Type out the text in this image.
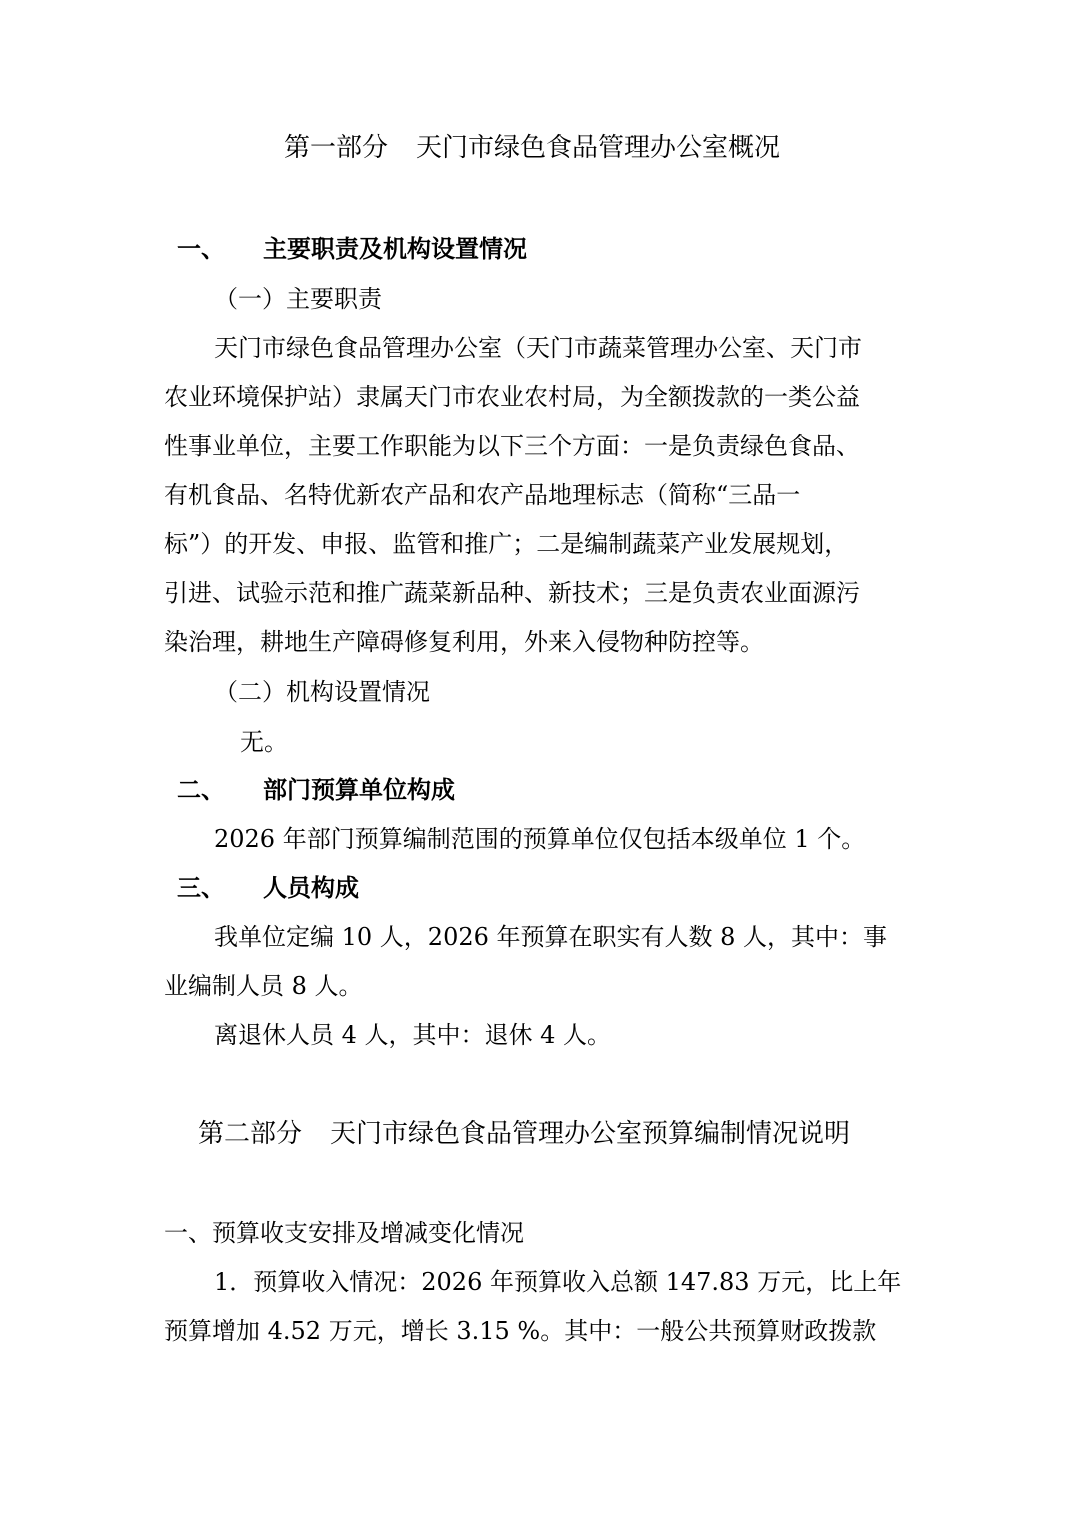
第一部分 天门市绿色食品管理办公室概况

一、 主要职责及机构设置情况

（一）主要职责

天门市绿色食品管理办公室（天门市蔬菜管理办公室、天门市

农业环境保护站）隶属天门市农业农村局，为全额拨款的一类公益

性事业单位，主要工作职能为以下三个方面：一是负责绿色食品、

有机食品、名特优新农产品和农产品地理标志（简称“三品一

标”）的开发、申报、监管和推广；二是编制蔬菜产业发展规划，

引进、试验示范和推广蔬菜新品种、新技术；三是负责农业面源污

染治理，耕地生产障碍修复利用，外来入侵物种防控等。

（二）机构设置情况

无。

二、 部门预算单位构成

2026 年部门预算编制范围的预算单位仅包括本级单位 1 个。

三、 人员构成

我单位定编 10 人，2026 年预算在职实有人数 8 人，其中：事

业编制人员 8 人。

离退休人员 4 人，其中：退休 4 人。

第二部分 天门市绿色食品管理办公室预算编制情况说明

一、预算收支安排及增减变化情况

1．预算收入情况：2026 年预算收入总额 147.83 万元，比上年

预算增加 4.52 万元，增长 3.15 %。其中：一般公共预算财政拨款
